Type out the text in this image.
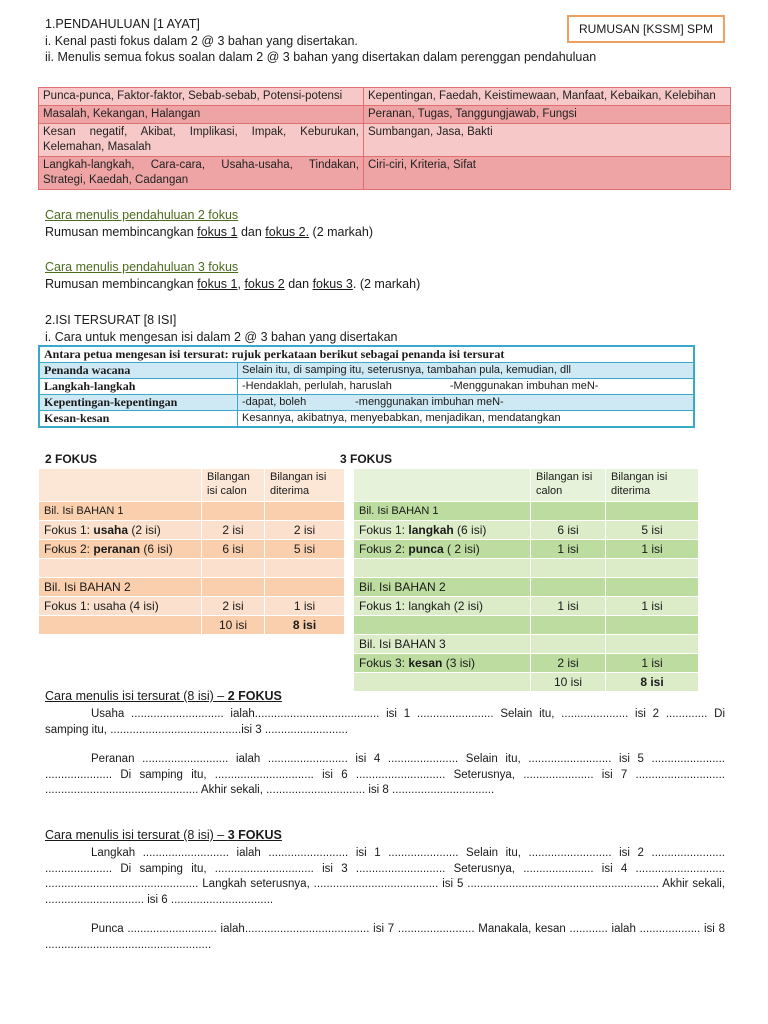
1.PENDAHULUAN [1 AYAT]
i. Kenal pasti fokus dalam 2 @ 3 bahan yang disertakan.
ii. Menulis semua fokus soalan dalam 2 @ 3 bahan yang disertakan dalam perenggan pendahuluan
RUMUSAN [KSSM] SPM
Punca-punca, Faktor-faktor, Sebab-sebab, Potensi-potensi	Kepentingan, Faedah, Keistimewaan, Manfaat, Kebaikan, Kelebihan
Masalah, Kekangan, Halangan	Peranan, Tugas, Tanggungjawab, Fungsi
Kesan negatif, Akibat, Implikasi, Impak, Keburukan, Kelemahan, Masalah	Sumbangan, Jasa, Bakti
Langkah-langkah, Cara-cara, Usaha-usaha, Tindakan, Strategi, Kaedah, Cadangan	Ciri-ciri, Kriteria, Sifat
Cara menulis pendahuluan 2 fokus
Rumusan membincangkan fokus 1 dan fokus 2. (2 markah)
Cara menulis pendahuluan 3 fokus
Rumusan membincangkan fokus 1, fokus 2 dan fokus 3. (2 markah)
2.ISI TERSURAT [8 ISI]
i. Cara untuk mengesan isi dalam 2 @ 3 bahan yang disertakan
Antara petua mengesan isi tersurat: rujuk perkataan berikut sebagai penanda isi tersurat	
Penanda wacana	Selain itu, di samping itu, seterusnya, tambahan pula, kemudian, dll
Langkah-langkah	-Hendaklah, perlulah, haruslah                   -Menggunakan imbuhan meN-
Kepentingan-kepentingan	-dapat, boleh                -menggunakan imbuhan meN-
Kesan-kesan	Kesannya, akibatnya, menyebabkan, menjadikan, mendatangkan
2 FOKUS
	Bilangan isi calon	Bilangan isi diterima
Bil. Isi BAHAN 1		
Fokus 1: usaha (2 isi)	2 isi	2 isi
Fokus 2: peranan (6 isi)	6 isi	5 isi

Bil. Isi BAHAN 2		
Fokus 1: usaha (4 isi)	2 isi	1 isi
	10 isi	8 isi
3 FOKUS
	Bilangan isi calon	Bilangan isi diterima
Bil. Isi BAHAN 1		
Fokus 1: langkah (6 isi)	6 isi	5 isi
Fokus 2: punca ( 2 isi)	1 isi	1 isi

Bil. Isi BAHAN 2		
Fokus 1: langkah (2 isi)	1 isi	1 isi

Bil. Isi BAHAN 3		
Fokus 3: kesan (3 isi)	2 isi	1 isi
	10 isi	8 isi
Cara menulis isi tersurat (8 isi) – 2 FOKUS

Usaha ............................. ialah....................................... isi 1 ........................ Selain itu, ..................... isi 2 ............. Di samping itu, .........................................isi 3 ..........................

Peranan ........................... ialah ......................... isi 4 ...................... Selain itu, .......................... isi 5 ....................... ..................... Di samping itu, ............................... isi 6 ............................ Seterusnya, ...................... isi 7 ............................ ................................................ Akhir sekali, ............................... isi 8 ................................

Cara menulis isi tersurat (8 isi) – 3 FOKUS

Langkah ........................... ialah ......................... isi 1 ...................... Selain itu, .......................... isi 2 ....................... ..................... Di samping itu, ............................... isi 3 ............................ Seterusnya, ...................... isi 4 ............................ ................................................ Langkah seterusnya, ....................................... isi 5 ............................................................ Akhir sekali, ............................... isi 6 ................................

Punca ............................ ialah....................................... isi 7 ........................ Manakala, kesan ............ ialah ................... isi 8 ....................................................
